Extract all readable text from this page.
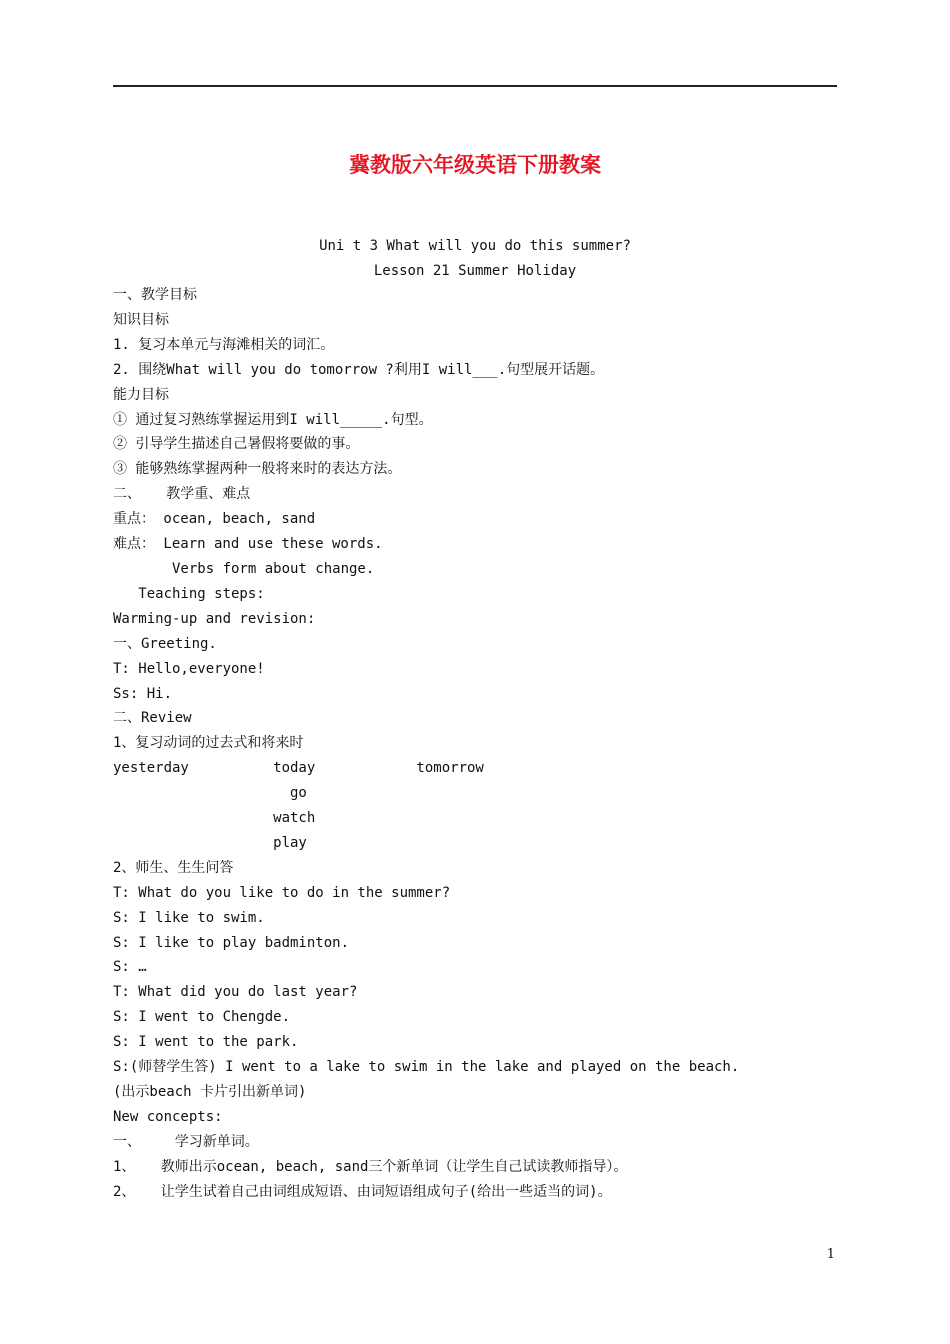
冀教版六年级英语下册教案
Uni t 3 What will you do this summer?
Lesson 21 Summer Holiday
一、教学目标
知识目标
1. 复习本单元与海滩相关的词汇。
2. 围绕What will you do tomorrow ?利用I will___.句型展开话题。
能力目标
① 通过复习熟练掌握运用到I will_____.句型。
② 引导学生描述自己暑假将要做的事。
③ 能够熟练掌握两种一般将来时的表达方法。
二、   教学重、难点
重点： ocean, beach, sand
难点： Learn and use these words.
Verbs form about change.
Teaching steps:
Warming-up and revision:
一、Greeting.
T: Hello,everyone!
Ss: Hi.
二、Review
1、复习动词的过去式和将来时
yesterday          today            tomorrow
go
watch
play
2、师生、生生问答
T: What do you like to do in the summer?
S: I like to swim.
S: I like to play badminton.
S: …
T: What did you do last year?
S: I went to Chengde.
S: I went to the park.
S:(师替学生答) I went to a lake to swim in the lake and played on the beach.
(出示beach 卡片引出新单词)
New concepts:
一、    学习新单词。
1、   教师出示ocean, beach, sand三个新单词（让学生自己试读教师指导）。
2、   让学生试着自己由词组成短语、由词短语组成句子(给出一些适当的词)。
1
